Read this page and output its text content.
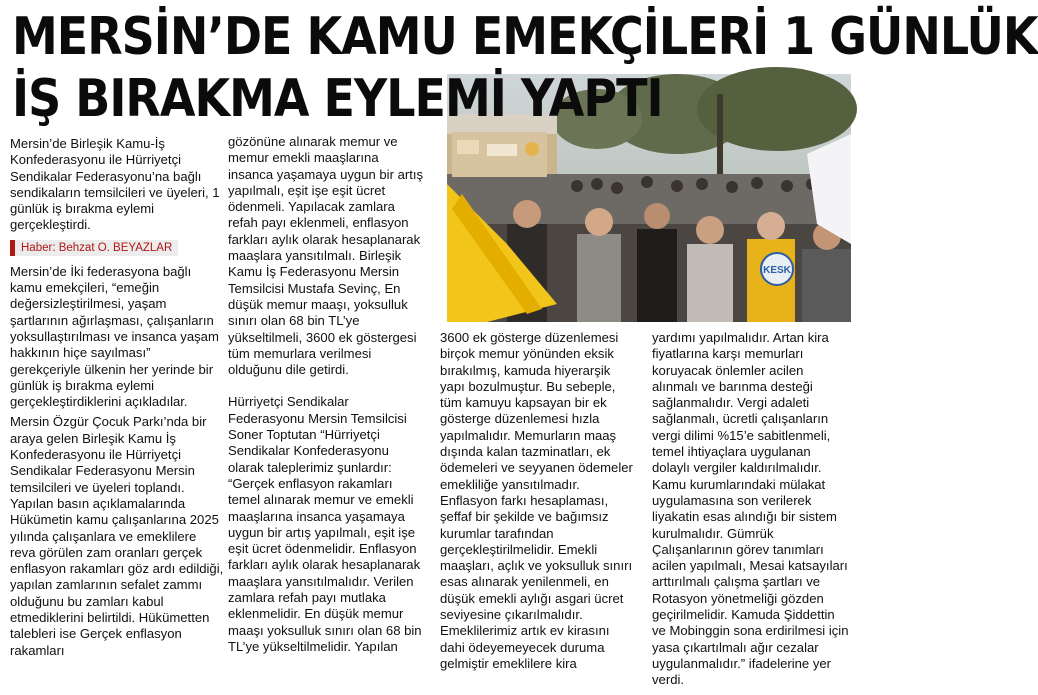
KESK
MERSİN’DE KAMU EMEKÇİLERİ 1 GÜNLÜK
İŞ BIRAKMA EYLEMİ YAPTI

Mersin’de Birleşik Kamu-İş Konfederasyonu ile Hürriyetçi Sendikalar Federasyonu’na bağlı sendikaların temsilcileri ve üyeleri, 1 günlük iş bırakma eylemi gerçekleştirdi.

Haber: Behzat O. BEYAZLAR

Mersin’de İki federasyona bağlı kamu emekçileri, “emeğin değersizleştirilmesi, yaşam şartlarının ağırlaşması, çalışanların yoksullaştırılması ve insanca yaşam hakkının hiçe sayılması” gerekçeriyle ülkenin her yerinde bir günlük iş bırakma eylemi gerçekleştirdiklerini açıkladılar.

Mersin Özgür Çocuk Parkı’nda bir araya gelen Birleşik Kamu İş Konfederasyonu ile Hürriyetçi Sendikalar Federasyonu Mersin temsilcileri ve üyeleri toplandı. Yapılan basın açıklamalarında Hükümetin kamu çalışanlarına 2025 yılında çalışanlara ve emeklilere reva görülen zam oranları gerçek enflasyon rakamları göz ardı edildiği, yapılan zamlarının sefalet zammı olduğunu bu zamları kabul etmediklerini belirtildi. Hükümetten talebleri ise Gerçek enflasyon rakamları

gözönüne alınarak memur ve memur emekli maaşlarına insanca yaşamaya uygun bir artış yapılmalı, eşit işe eşit ücret ödenmeli. Yapılacak zamlara refah payı eklenmeli, enflasyon farkları aylık olarak hesaplanarak maaşlara yansıtılmalı. Birleşik Kamu İş Federasyonu Mersin Temsilcisi Mustafa Sevinç, En düşük memur maaşı, yoksulluk sınırı olan 68 bin TL’ye yükseltilmeli, 3600 ek göstergesi tüm memurlara verilmesi olduğunu dile getirdi.

Hürriyetçi Sendikalar Federasyonu Mersin Temsilcisi Soner Toptutan “Hürriyetçi Sendikalar Konfederasyonu olarak taleplerimiz şunlardır: “Gerçek enflasyon rakamları temel alınarak memur ve emekli maaşlarına insanca yaşamaya uygun bir artış yapılmalı, eşit işe eşit ücret ödenmelidir. Enflasyon farkları aylık olarak hesaplanarak maaşlara yansıtılmalıdır. Verilen zamlara refah payı mutlaka eklenmelidir. En düşük memur maaşı yoksulluk sınırı olan 68 bin TL’ye yükseltilmelidir. Yapılan

3600 ek gösterge düzenlemesi birçok memur yönünden eksik bırakılmış, kamuda hiyerarşik yapı bozulmuştur. Bu sebeple, tüm kamuyu kapsayan bir ek gösterge düzenlemesi hızla yapılmalıdır. Memurların maaş dışında kalan tazminatları, ek ödemeleri ve seyyanen ödemeler emekliliğe yansıtılmadır. Enflasyon farkı hesaplaması, şeffaf bir şekilde ve bağımsız kurumlar tarafından gerçekleştirilmelidir. Emekli maaşları, açlık ve yoksulluk sınırı esas alınarak yenilenmeli, en düşük emekli aylığı asgari ücret seviyesine çıkarılmalıdır. Emeklilerimiz artık ev kirasını dahi ödeyemeyecek duruma gelmiştir emeklilere kira

yardımı yapılmalıdır. Artan kira fiyatlarına karşı memurları koruyacak önlemler acilen alınmalı ve barınma desteği sağlanmalıdır. Vergi adaleti sağlanmalı, ücretli çalışanların vergi dilimi %15’e sabitlenmeli, temel ihtiyaçlara uygulanan dolaylı vergiler kaldırılmalıdır. Kamu kurumlarındaki mülakat uygulamasına son verilerek liyakatin esas alındığı bir sistem kurulmalıdır. Gümrük Çalışanlarının görev tanımları acilen yapılmalı, Mesai katsayıları arttırılmalı çalışma şartları ve Rotasyon yönetmeliği gözden geçirilmelidir. Kamuda Şiddettin ve Mobinggin sona erdirilmesi için yasa çıkartılmalı ağır cezalar uygulanmalıdır.” ifadelerine yer verdi.
